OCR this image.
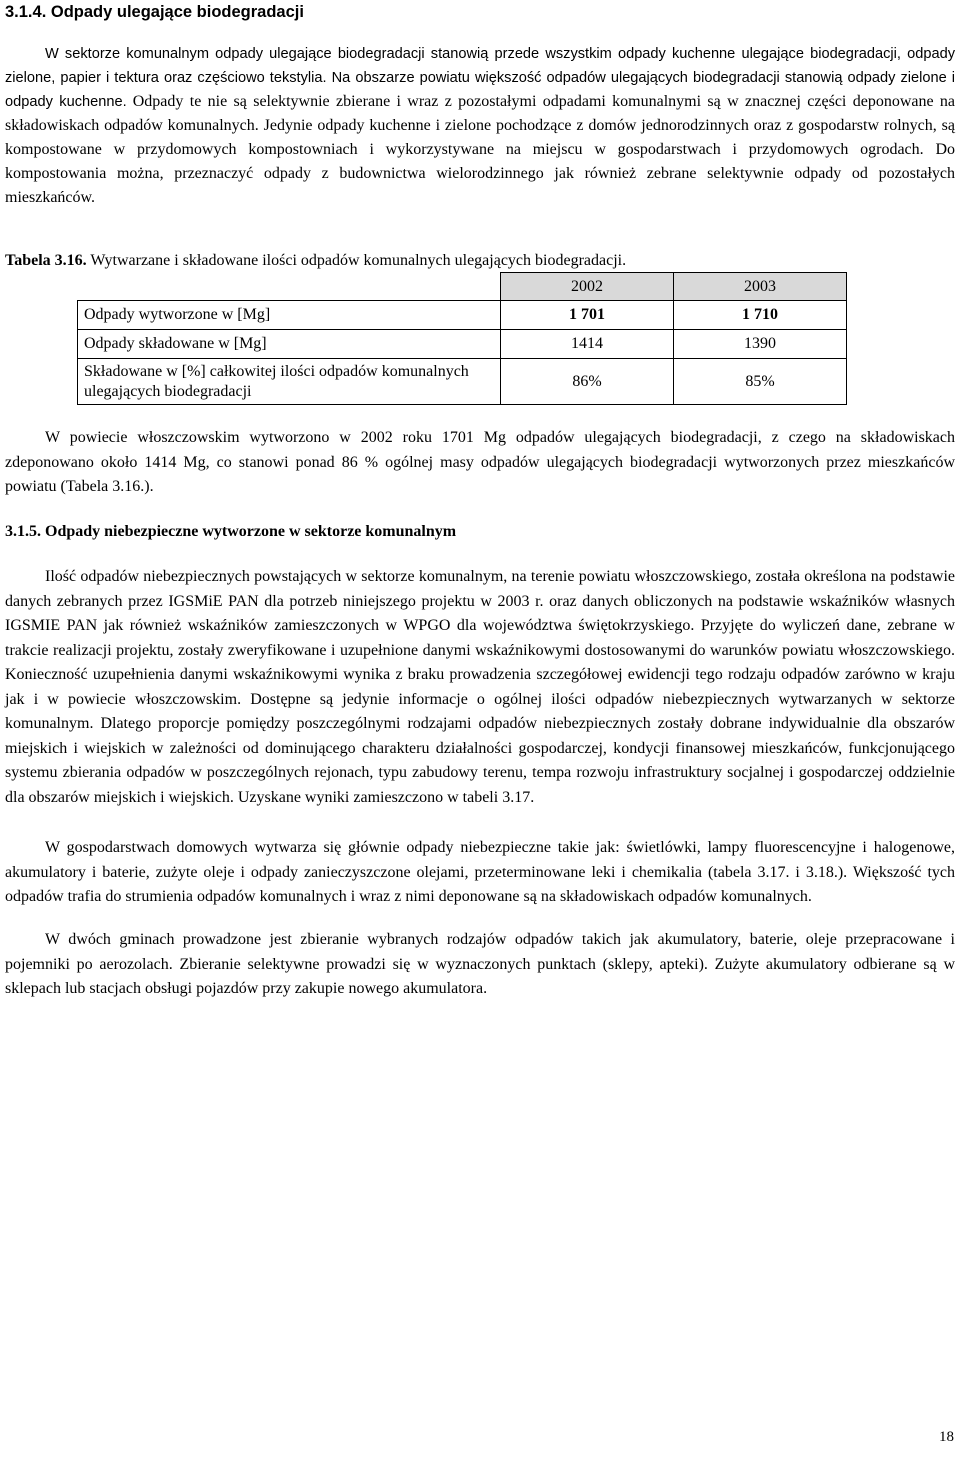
3.1.4. Odpady ulegające biodegradacji

W sektorze komunalnym odpady ulegające biodegradacji stanowią przede wszystkim odpady kuchenne ulegające biodegradacji, odpady zielone, papier i tektura oraz częściowo tekstylia. Na obszarze powiatu większość odpadów ulegających biodegradacji stanowią odpady zielone i odpady kuchenne. Odpady te nie są selektywnie zbierane i wraz z pozostałymi odpadami komunalnymi są w znacznej części deponowane na składowiskach odpadów komunalnych. Jedynie odpady kuchenne i zielone pochodzące z domów jednorodzinnych oraz z gospodarstw rolnych, są kompostowane w przydomowych kompostowniach i wykorzystywane na miejscu w gospodarstwach i przydomowych ogrodach. Do kompostowania można, przeznaczyć odpady z budownictwa wielorodzinnego jak również zebrane selektywnie odpady od pozostałych mieszkańców.

Tabela 3.16. Wytwarzane i składowane ilości odpadów komunalnych ulegających biodegradacji.
	2002	2003
Odpady wytworzone w [Mg]	1 701	1 710
Odpady składowane w [Mg]	1414	1390
Składowane w [%] całkowitej ilości odpadów komunalnych ulegających biodegradacji	86%	85%

W powiecie włoszczowskim wytworzono w 2002 roku 1701 Mg odpadów ulegających biodegradacji, z czego na składowiskach zdeponowano około 1414 Mg, co stanowi ponad 86 % ogólnej masy odpadów ulegających biodegradacji wytworzonych przez mieszkańców powiatu (Tabela 3.16.).

3.1.5. Odpady niebezpieczne wytworzone w sektorze komunalnym

Ilość odpadów niebezpiecznych powstających w sektorze komunalnym, na terenie powiatu włoszczowskiego, została określona na podstawie danych zebranych przez IGSMiE PAN dla potrzeb niniejszego projektu w 2003 r. oraz danych obliczonych na podstawie wskaźników własnych IGSMIE PAN jak również wskaźników zamieszczonych w WPGO dla województwa świętokrzyskiego. Przyjęte do wyliczeń dane, zebrane w trakcie realizacji projektu, zostały zweryfikowane i uzupełnione danymi wskaźnikowymi dostosowanymi do warunków powiatu włoszczowskiego. Konieczność uzupełnienia danymi wskaźnikowymi wynika z braku prowadzenia szczegółowej ewidencji tego rodzaju odpadów zarówno w kraju jak i w powiecie włoszczowskim. Dostępne są jedynie informacje o ogólnej ilości odpadów niebezpiecznych wytwarzanych w sektorze komunalnym. Dlatego proporcje pomiędzy poszczególnymi rodzajami odpadów niebezpiecznych zostały dobrane indywidualnie dla obszarów miejskich i wiejskich w zależności od dominującego charakteru działalności gospodarczej, kondycji finansowej mieszkańców, funkcjonującego systemu zbierania odpadów w poszczególnych rejonach, typu zabudowy terenu, tempa rozwoju infrastruktury socjalnej i gospodarczej oddzielnie dla obszarów miejskich i wiejskich. Uzyskane wyniki zamieszczono w tabeli 3.17.

W gospodarstwach domowych wytwarza się głównie odpady niebezpieczne takie jak: świetlówki, lampy fluorescencyjne i halogenowe, akumulatory i baterie, zużyte oleje i odpady zanieczyszczone olejami, przeterminowane leki i chemikalia (tabela 3.17. i 3.18.). Większość tych odpadów trafia do strumienia odpadów komunalnych i wraz z nimi deponowane są na składowiskach odpadów komunalnych.

W dwóch gminach prowadzone jest zbieranie wybranych rodzajów odpadów takich jak akumulatory, baterie, oleje przepracowane i pojemniki po aerozolach. Zbieranie selektywne prowadzi się w wyznaczonych punktach (sklepy, apteki). Zużyte akumulatory odbierane są w sklepach lub stacjach obsługi pojazdów przy zakupie nowego akumulatora.

18
